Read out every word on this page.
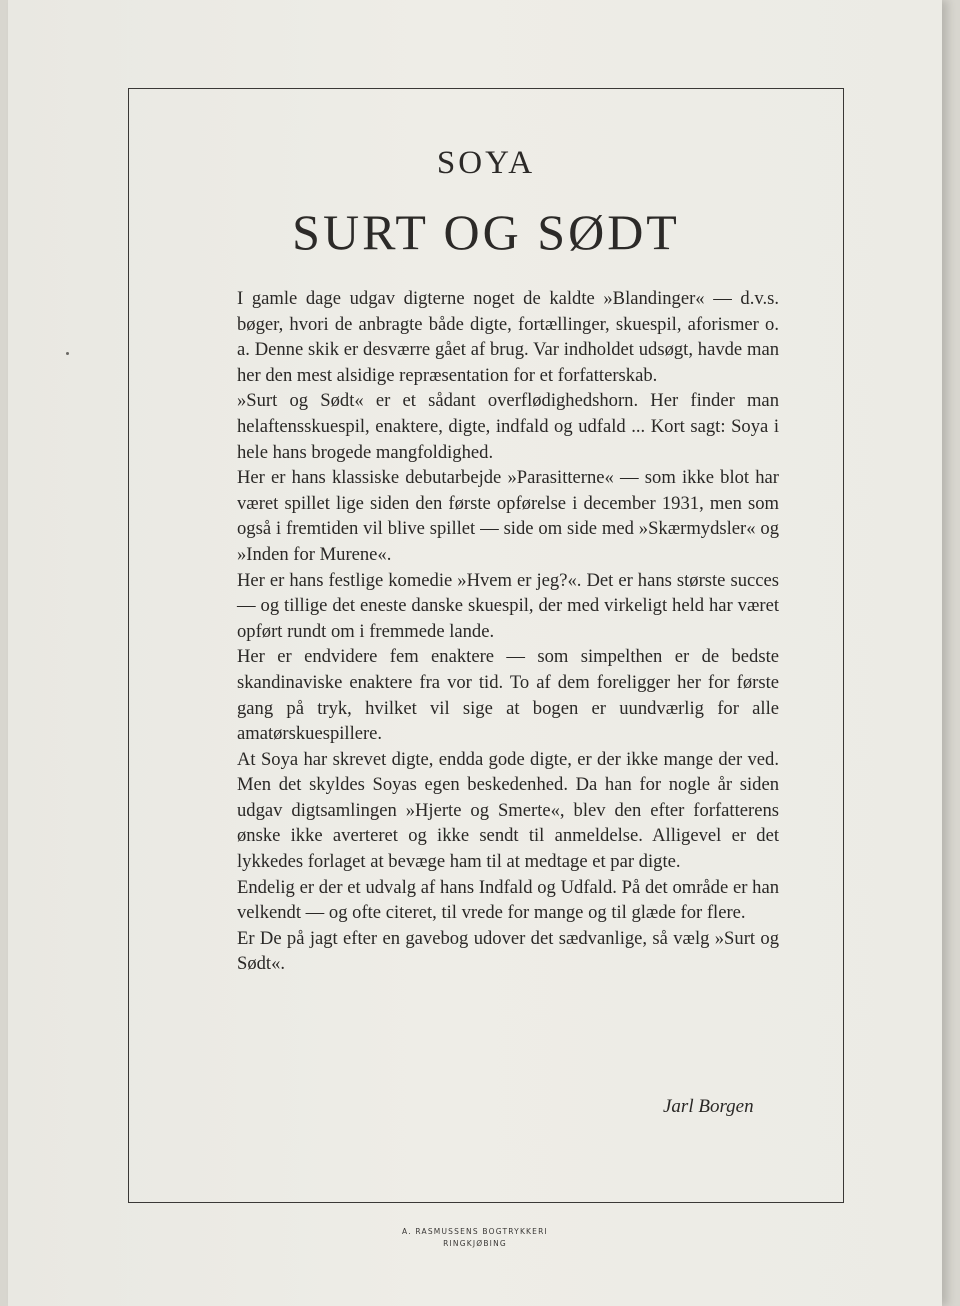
SOYA
SURT OG SØDT

I gamle dage udgav digterne noget de kaldte »Blandinger« — d.v.s. bøger, hvori de anbragte både digte, fortællinger, skuespil, aforismer o. a. Denne skik er desværre gået af brug. Var indholdet udsøgt, havde man her den mest alsidige repræsentation for et forfatterskab.

»Surt og Sødt« er et sådant overflødighedshorn. Her finder man helaftensskuespil, enaktere, digte, indfald og udfald ... Kort sagt: Soya i hele hans brogede mangfoldighed.

Her er hans klassiske debutarbejde »Parasitterne« — som ikke blot har været spillet lige siden den første opførelse i december 1931, men som også i fremtiden vil blive spillet — side om side med »Skærmydsler« og »Inden for Murene«.

Her er hans festlige komedie »Hvem er jeg?«. Det er hans største succes — og tillige det eneste danske skuespil, der med virkeligt held har været opført rundt om i fremmede lande.

Her er endvidere fem enaktere — som simpelthen er de bedste skandinaviske enaktere fra vor tid. To af dem foreligger her for første gang på tryk, hvilket vil sige at bogen er uundværlig for alle amatørskuespillere.

At Soya har skrevet digte, endda gode digte, er der ikke mange der ved. Men det skyldes Soyas egen beskedenhed. Da han for nogle år siden udgav digtsamlingen »Hjerte og Smerte«, blev den efter forfatterens ønske ikke averteret og ikke sendt til anmeldelse. Alligevel er det lykkedes forlaget at bevæge ham til at medtage et par digte.

Endelig er der et udvalg af hans Indfald og Udfald. På det område er han velkendt — og ofte citeret, til vrede for mange og til glæde for flere.

Er De på jagt efter en gavebog udover det sædvanlige, så vælg »Surt og Sødt«.

Jarl Borgen
A. RASMUSSENS BOGTRYKKERI
RINGKJØBING
